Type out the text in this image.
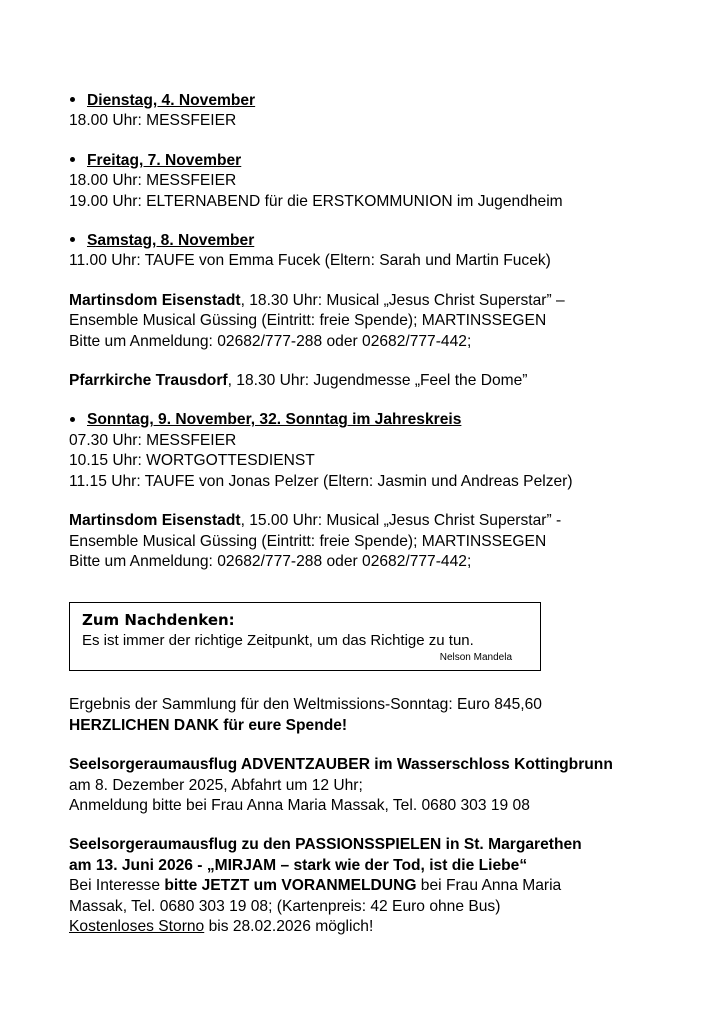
Dienstag, 4. November
18.00 Uhr: MESSFEIER
Freitag, 7. November
18.00 Uhr: MESSFEIER
19.00 Uhr: ELTERNABEND für die ERSTKOMMUNION im Jugendheim
Samstag, 8. November
11.00 Uhr: TAUFE von Emma Fucek (Eltern: Sarah und Martin Fucek)
Martinsdom Eisenstadt, 18.30 Uhr: Musical „Jesus Christ Superstar” –
Ensemble Musical Güssing (Eintritt: freie Spende); MARTINSSEGEN
Bitte um Anmeldung: 02682/777-288 oder 02682/777-442;
Pfarrkirche Trausdorf, 18.30 Uhr: Jugendmesse „Feel the Dome”
Sonntag, 9. November, 32. Sonntag im Jahreskreis
07.30 Uhr: MESSFEIER
10.15 Uhr: WORTGOTTESDIENST
11.15 Uhr: TAUFE von Jonas Pelzer (Eltern: Jasmin und Andreas Pelzer)
Martinsdom Eisenstadt, 15.00 Uhr: Musical „Jesus Christ Superstar” -
Ensemble Musical Güssing (Eintritt: freie Spende); MARTINSSEGEN
Bitte um Anmeldung: 02682/777-288 oder 02682/777-442;
Zum Nachdenken:
Es ist immer der richtige Zeitpunkt, um das Richtige zu tun.
Nelson Mandela
Ergebnis der Sammlung für den Weltmissions-Sonntag: Euro 845,60
HERZLICHEN DANK für eure Spende!
Seelsorgeraumausflug ADVENTZAUBER im Wasserschloss Kottingbrunn
am 8. Dezember 2025, Abfahrt um 12 Uhr;
Anmeldung bitte bei Frau Anna Maria Massak, Tel. 0680 303 19 08
Seelsorgeraumausflug zu den PASSIONSSPIELEN in St. Margarethen
am 13. Juni 2026 - „MIRJAM – stark wie der Tod, ist die Liebe“
Bei Interesse bitte JETZT um VORANMELDUNG bei Frau Anna Maria
Massak, Tel. 0680 303 19 08; (Kartenpreis: 42 Euro ohne Bus)
Kostenloses Storno bis 28.02.2026 möglich!
